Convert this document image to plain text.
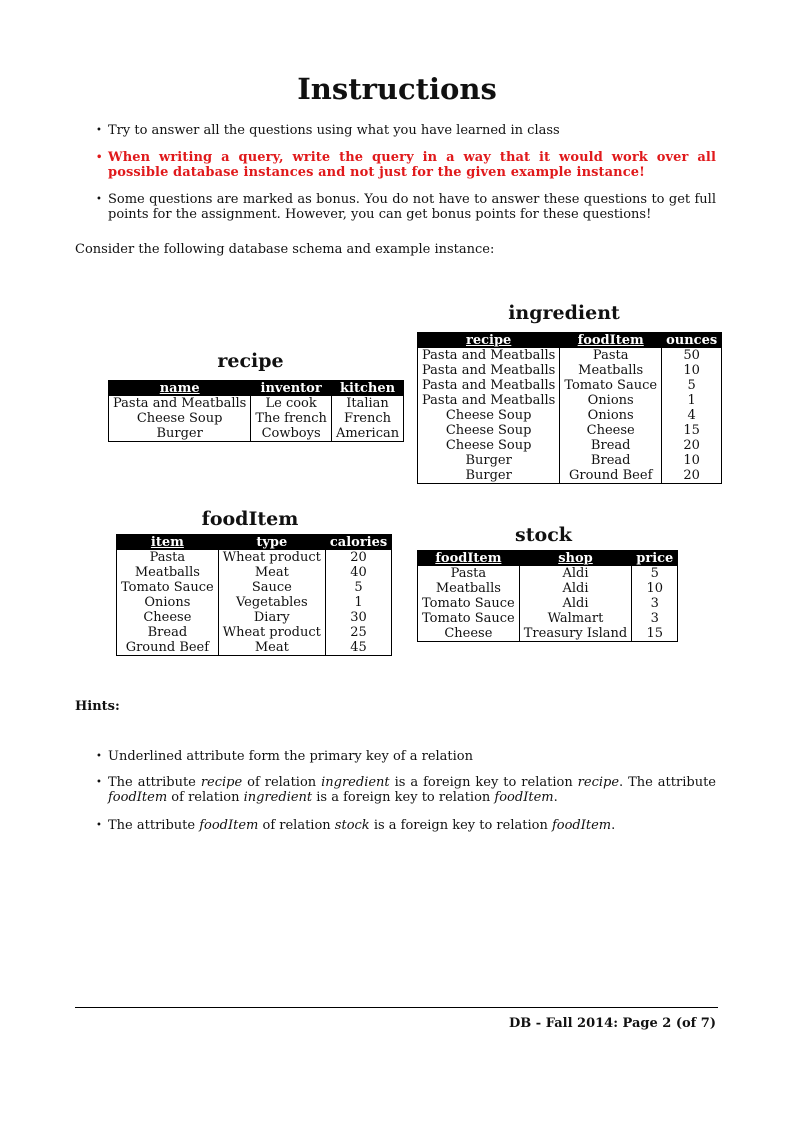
Instructions
• Try to answer all the questions using what you have learned in class
• When writing a query, write the query in a way that it would work over all possible database instances and not just for the given example instance!
• Some questions are marked as bonus. You do not have to answer these questions to get full points for the assignment. However, you can get bonus points for these questions!
Consider the following database schema and example instance:
recipe
name	inventor	kitchen
Pasta and Meatballs	Le cook	Italian
Cheese Soup	The french	French
Burger	Cowboys	American
ingredient
recipe	foodItem	ounces
Pasta and Meatballs	Pasta	50
Pasta and Meatballs	Meatballs	10
Pasta and Meatballs	Tomato Sauce	5
Pasta and Meatballs	Onions	1
Cheese Soup	Onions	4
Cheese Soup	Cheese	15
Cheese Soup	Bread	20
Burger	Bread	10
Burger	Ground Beef	20
foodItem
item	type	calories
Pasta	Wheat product	20
Meatballs	Meat	40
Tomato Sauce	Sauce	5
Onions	Vegetables	1
Cheese	Diary	30
Bread	Wheat product	25
Ground Beef	Meat	45
stock
foodItem	shop	price
Pasta	Aldi	5
Meatballs	Aldi	10
Tomato Sauce	Aldi	3
Tomato Sauce	Walmart	3
Cheese	Treasury Island	15
Hints:
• Underlined attribute form the primary key of a relation
• The attribute recipe of relation ingredient is a foreign key to relation recipe. The attribute foodItem of relation ingredient is a foreign key to relation foodItem.
• The attribute foodItem of relation stock is a foreign key to relation foodItem.
DB - Fall 2014: Page 2 (of 7)
